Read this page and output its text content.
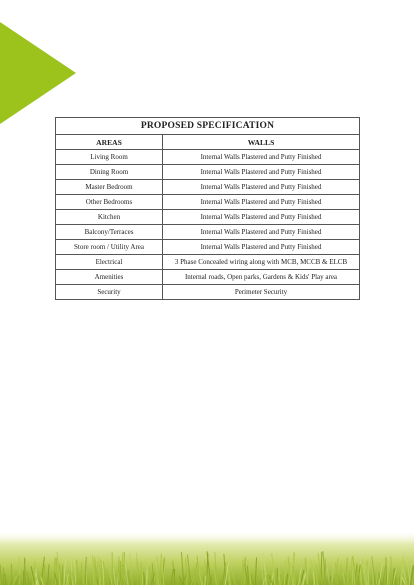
PROPOSED SPECIFICATION	
AREAS	WALLS
Living Room	Internal Walls Plastered and Putty Finished
Dining Room	Internal Walls Plastered and Putty Finished
Master Bedroom	Internal Walls Plastered and Putty Finished
Other Bedrooms	Internal Walls Plastered and Putty Finished
Kitchen	Internal Walls Plastered and Putty Finished
Balcony/Terraces	Internal Walls Plastered and Putty Finished
Store room / Utility Area	Internal Walls Plastered and Putty Finished
Electrical	3 Phase Concealed wiring along with MCB, MCCB & ELCB
Amenities	Internal roads, Open parks, Gardens & Kids' Play area
Security	Perimeter Security
